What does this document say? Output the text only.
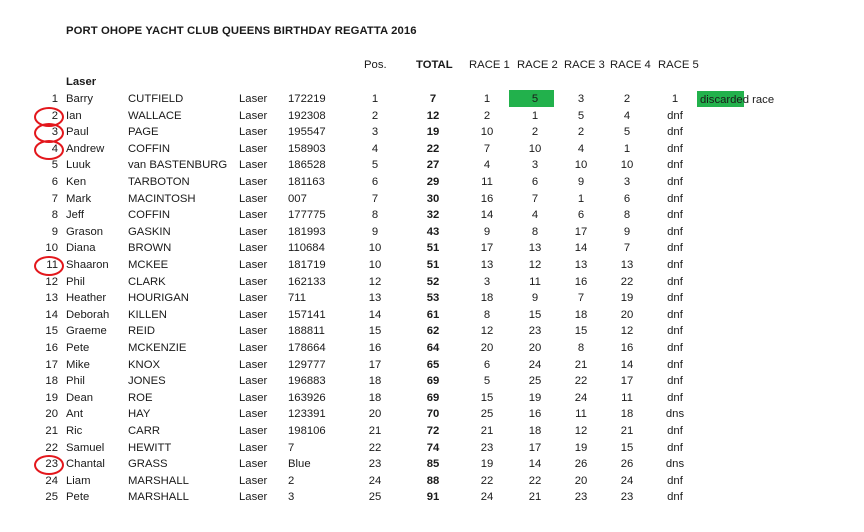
PORT OHOPE YACHT CLUB QUEENS BIRTHDAY REGATTA 2016
Pos.	TOTAL RACE 1 RACE 2 RACE 3 RACE 4 RACE 5
Laser
discarded race
1 Barry	CUTFIELD	Laser 172219	1	7	1	5	3	2	1
2 Ian	WALLACE	Laser 192308	2	12	2	1	5	4	dnf
3 Paul	PAGE	Laser 195547	3	19	10	2	2	5	dnf
4 Andrew COFFIN	Laser 158903	4	22	7	10	4	1	dnf
5 Luuk	van BASTENBURG Laser 186528	5	27	4	3	10	10	dnf
6 Ken	TARBOTON	Laser 181163	6	29	11	6	9	3	dnf
7 Mark	MACINTOSH	Laser 007	7	30	16	7	1	6	dnf
8 Jeff	COFFIN	Laser 177775	8	32	14	4	6	8	dnf
9 Grason GASKIN	Laser 181993	9	43	9	8	17	9	dnf
10 Diana	BROWN	Laser 110684	10	51	17	13	14	7	dnf
11 Shaaron MCKEE	Laser 181719	10	51	13	12	13	13	dnf
12 Phil	CLARK	Laser 162133	12	52	3	11	16	22	dnf
13 Heather HOURIGAN	Laser 711	13	53	18	9	7	19	dnf
14 Deborah KILLEN	Laser 157141	14	61	8	15	18	20	dnf
15 Graeme REID	Laser 188811	15	62	12	23	15	12	dnf
16 Pete	MCKENZIE	Laser 178664	16	64	20	20	8	16	dnf
17 Mike	KNOX	Laser 129777	17	65	6	24	21	14	dnf
18 Phil	JONES	Laser 196883	18	69	5	25	22	17	dnf
19 Dean	ROE	Laser 163926	18	69	15	19	24	11	dnf
20 Ant	HAY	Laser 123391	20	70	25	16	11	18	dns
21 Ric	CARR	Laser 198106	21	72	21	18	12	21	dnf
22 Samuel HEWITT	Laser 7	22	74	23	17	19	15	dnf
23 Chantal GRASS	Laser Blue	23	85	19	14	26	26	dns
24 Liam	MARSHALL	Laser 2	24	88	22	22	20	24	dnf
25 Pete	MARSHALL	Laser 3	25	91	24	21	23	23	dnf
